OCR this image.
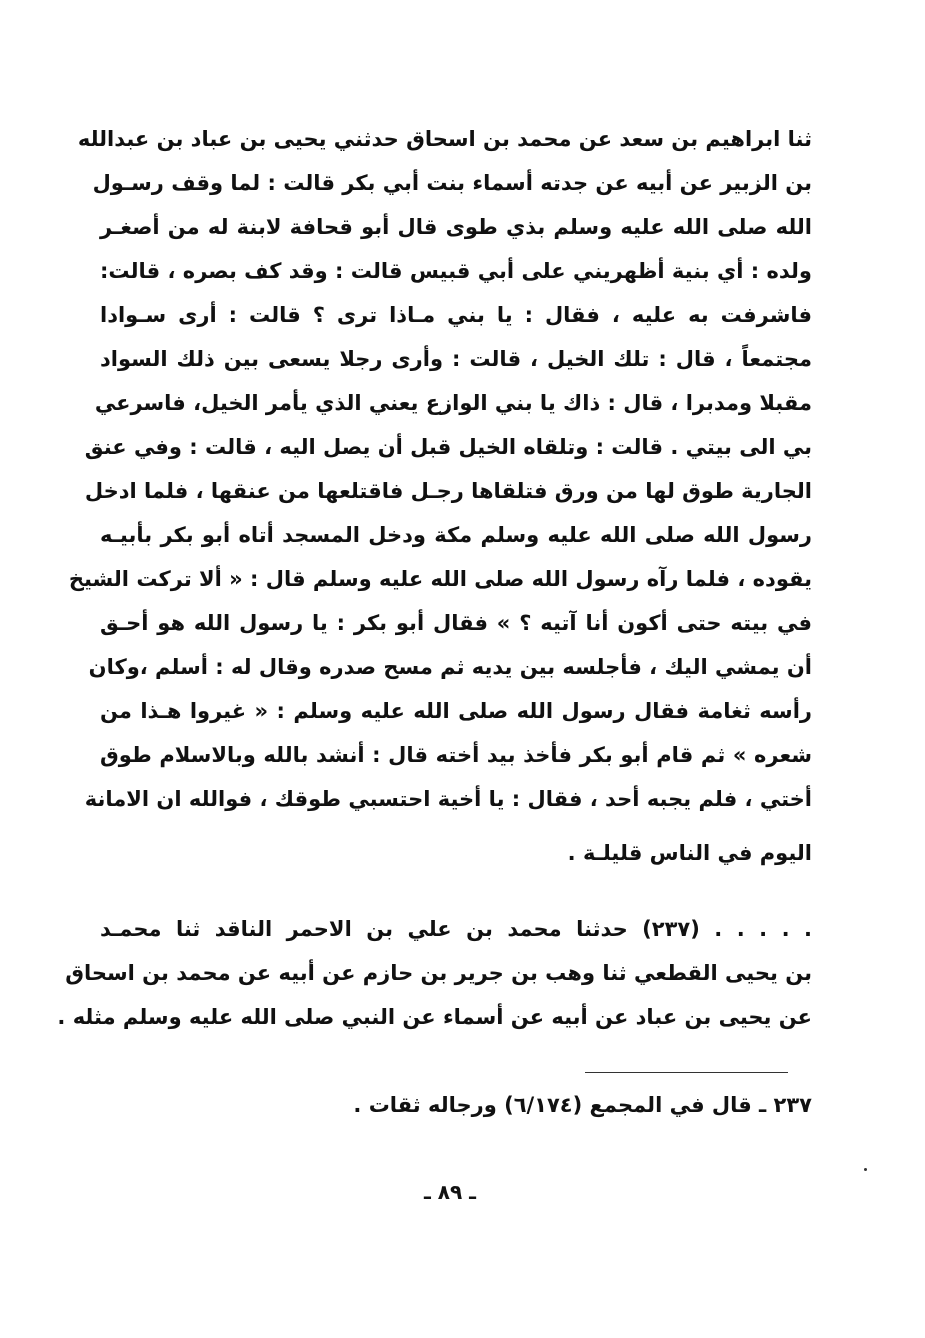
ثنا ابراهيم بن سعد عن محمد بن اسحاق حدثني يحيى بن عباد بن عبدالله
بن الزبير عن أبيه عن جدته أسماء بنت أبي بكر قالت : لما وقف رسـول
الله صلى الله عليه وسلم بذي طوى قال أبو قحافة لابنة له من أصغـر
ولده : أي بنية أظهريني على أبي قبيس قالت : وقد كف بصره ، قالت:
فاشرفت به عليه ، فقال : يا بني مـاذا ترى ؟ قالت : أرى سـوادا
مجتمعاً ، قال : تلك الخيل ، قالت : وأرى رجلا يسعى بين ذلك السواد
مقبلا ومدبرا ، قال : ذاك يا بني الوازع يعني الذي يأمر الخيل، فاسرعي
بي الى بيتي . قالت : وتلقاه الخيل قبل أن يصل اليه ، قالت : وفي عنق
الجارية طوق لها من ورق فتلقاها رجـل فاقتلعها من عنقها ، فلما ادخل
رسول الله صلى الله عليه وسلم مكة ودخل المسجد أتاه أبو بكر بأبيـه
يقوده ، فلما رآه رسول الله صلى الله عليه وسلم قال : « ألا تركت الشيخ
في بيته حتى أكون أنا آتيه ؟ » فقال أبو بكر : يا رسول الله هو أحـق
أن يمشي اليك ، فأجلسه بين يديه ثم مسح صدره وقال له : أسلم ،وكان
رأسه ثغامة فقال رسول الله صلى الله عليه وسلم : « غيروا هـذا من
شعره » ثم قام أبو بكر فأخذ بيد أخته قال : أنشد بالله وبالاسلام طوق
أختي ، فلم يجبه أحد ، فقال : يا أخية احتسبي طوقك ، فوالله ان الامانة
اليوم في الناس قليلـة .
. . . . . (٢٣٧) حدثنا محمد بن علي بن الاحمر الناقد ثنا محمـد
بن يحيى القطعي ثنا وهب بن جرير بن حازم عن أبيه عن محمد بن اسحاق
عن يحيى بن عباد عن أبيه عن أسماء عن النبي صلى الله عليه وسلم مثله .
٢٣٧ ـ قال في المجمع (٦/١٧٤) ورجاله ثقات .
ـ ٨٩ ـ
